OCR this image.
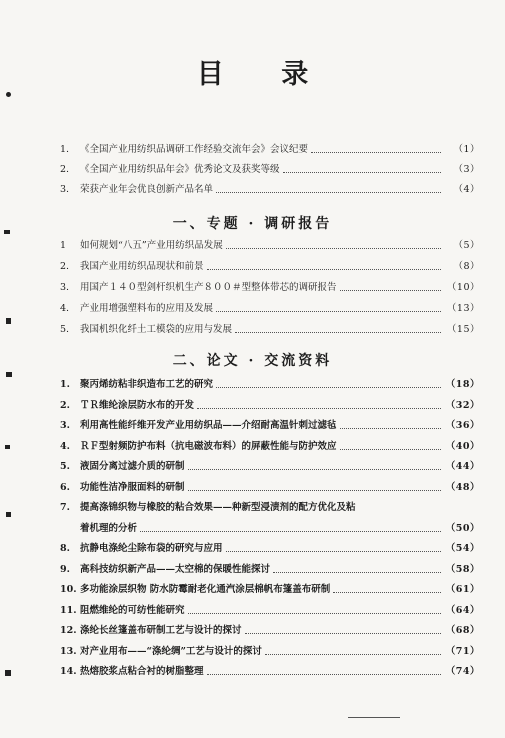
目 录
1.	《全国产业用纺织品调研工作经验交流年会》会议纪要	（1）
2.	《全国产业用纺织品年会》优秀论文及获奖等级	（3）
3.	荣获产业年会优良创新产品名单	（4）
一、专题 · 调研报告
1	如何规划“八五”产业用纺织品发展	（5）
2.	我国产业用纺织品现状和前景	（8）
3.	用国产１４０型剑杆织机生产８００＃型整体带芯的调研报告	（10）
4.	产业用增强塑料布的应用及发展	（13）
5.	我国机织化纤土工模袋的应用与发展	（15）
二、论文 · 交流资料
1.	聚丙烯纺粘非织造布工艺的研究	（18）
2.	ＴＲ维纶涂层防水布的开发	（32）
3.	利用高性能纤维开发产业用纺织品——介绍耐高温针刺过滤毡	（36）
4.	ＲＦ型射频防护布料（抗电磁波布料）的屏蔽性能与防护效应	（40）
5.	液固分离过滤介质的研制	（44）
6.	功能性洁净服面料的研制	（48）
7.	提高涤锦织物与橡胶的粘合效果——种新型浸渍剂的配方优化及粘
着机理的分析	（50）
8.	抗静电涤纶尘除布袋的研究与应用	（54）
9.	高科技纺织新产品——太空棉的保暖性能探讨	（58）
10. 多功能涂层织物 防水防霉耐老化通汽涂层棉帆布篷盖布研制	（61）
11. 阻燃维纶的可纺性能研究	（64）
12. 涤纶长丝篷盖布研制工艺与设计的探讨	（68）
13. 对产业用布——“涤纶绸”工艺与设计的探讨	（71）
14. 热熔胶浆点粘合衬的树脂整理	（74）
